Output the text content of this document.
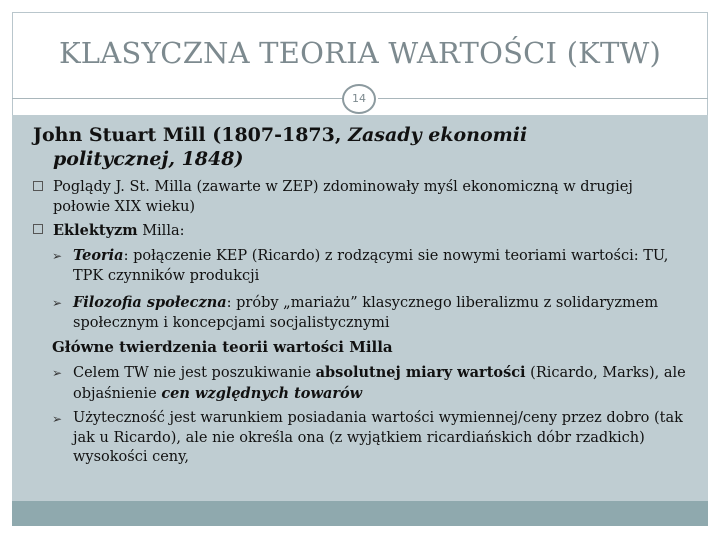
KLASYCZNA TEORIA WARTOŚCI (KTW)
14
John Stuart Mill (1807-1873, Zasady ekonomii
politycznej, 1848)
Poglądy J. St. Milla (zawarte w ZEP) zdominowały myśl ekonomiczną w drugiej połowie XIX wieku)
Eklektyzm Milla:
➢ Teoria: połączenie KEP (Ricardo) z rodzącymi sie nowymi teoriami wartości: TU, TPK czynników produkcji
➢ Filozofia społeczna: próby „mariażu” klasycznego liberalizmu z solidaryzmem społecznym i koncepcjami socjalistycznymi
Główne twierdzenia teorii wartości Milla
➢ Celem TW nie jest poszukiwanie absolutnej miary wartości (Ricardo, Marks), ale objaśnienie cen względnych towarów
➢ Użyteczność jest warunkiem posiadania wartości wymiennej/ceny przez dobro (tak jak u Ricardo), ale nie określa ona (z wyjątkiem ricardiańskich dóbr rzadkich) wysokości ceny,
